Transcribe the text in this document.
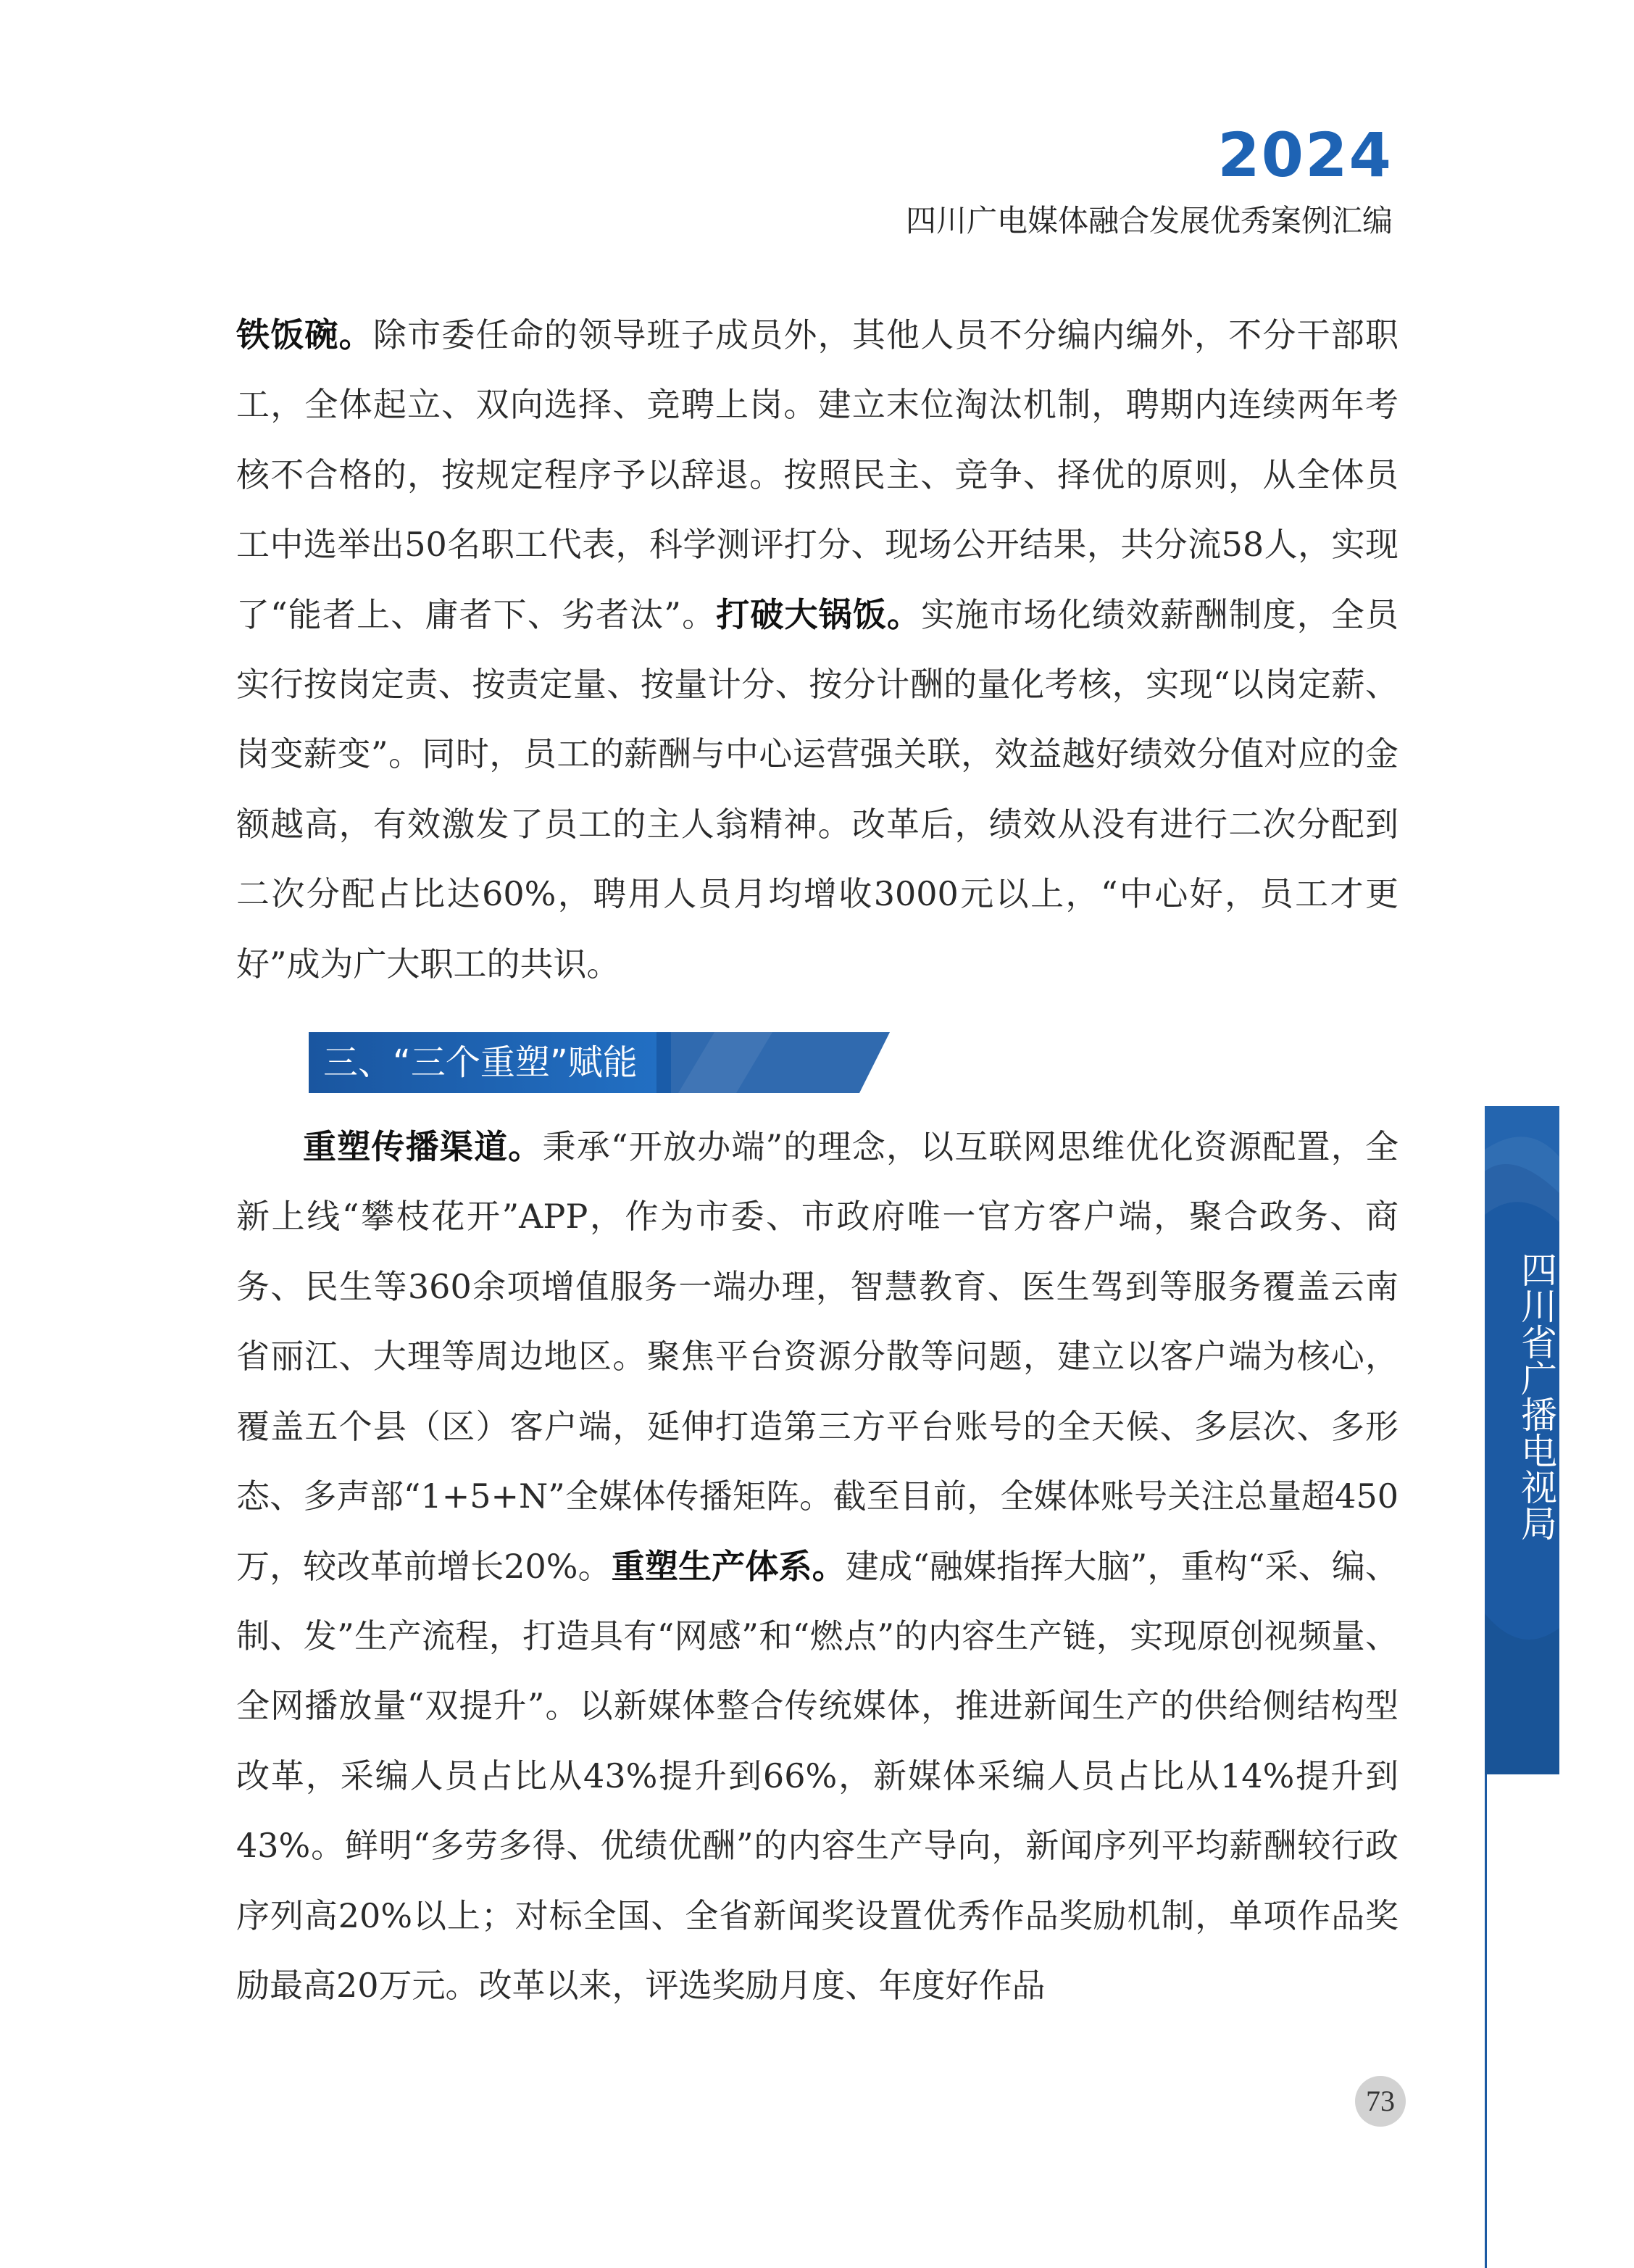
2024
四川广电媒体融合发展优秀案例汇编

铁饭碗。除市委任命的领导班子成员外，其他人员不分编内编外，不分干部职工，全体起立、双向选择、竞聘上岗。建立末位淘汰机制，聘期内连续两年考核不合格的，按规定程序予以辞退。按照民主、竞争、择优的原则，从全体员工中选举出50名职工代表，科学测评打分、现场公开结果，共分流58人，实现了“能者上、庸者下、劣者汰”。打破大锅饭。实施市场化绩效薪酬制度，全员实行按岗定责、按责定量、按量计分、按分计酬的量化考核，实现“以岗定薪、岗变薪变”。同时，员工的薪酬与中心运营强关联，效益越好绩效分值对应的金额越高，有效激发了员工的主人翁精神。改革后，绩效从没有进行二次分配到二次分配占比达60%，聘用人员月均增收3000元以上，“中心好，员工才更好”成为广大职工的共识。

三、“三个重塑”赋能

重塑传播渠道。秉承“开放办端”的理念，以互联网思维优化资源配置，全新上线“攀枝花开”APP，作为市委、市政府唯一官方客户端，聚合政务、商务、民生等360余项增值服务一端办理，智慧教育、医生驾到等服务覆盖云南省丽江、大理等周边地区。聚焦平台资源分散等问题，建立以客户端为核心，覆盖五个县（区）客户端，延伸打造第三方平台账号的全天候、多层次、多形态、多声部“1+5+N”全媒体传播矩阵。截至目前，全媒体账号关注总量超450万，较改革前增长20%。重塑生产体系。建成“融媒指挥大脑”，重构“采、编、制、发”生产流程，打造具有“网感”和“燃点”的内容生产链，实现原创视频量、全网播放量“双提升”。以新媒体整合传统媒体，推进新闻生产的供给侧结构型改革，采编人员占比从43%提升到66%，新媒体采编人员占比从14%提升到43%。鲜明“多劳多得、优绩优酬”的内容生产导向，新闻序列平均薪酬较行政序列高20%以上；对标全国、全省新闻奖设置优秀作品奖励机制，单项作品奖励最高20万元。改革以来，评选奖励月度、年度好作品

四川省广播电视局
73
